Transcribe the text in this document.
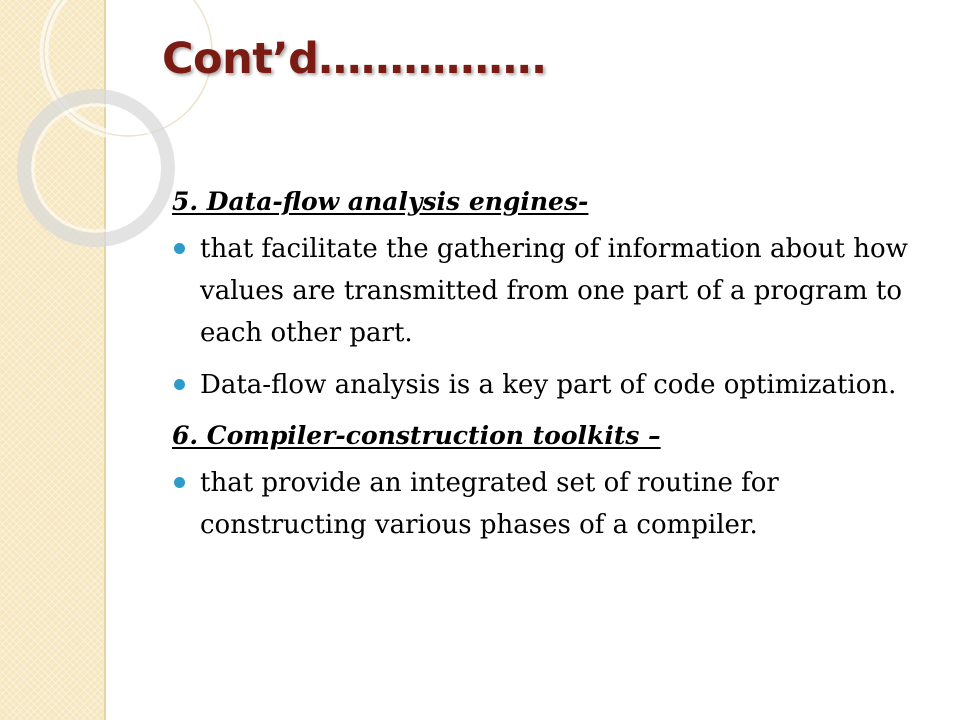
Cont’d…………….
5. Data-flow analysis engines-
that facilitate the gathering of information about how values are transmitted from one part of a program to each other part.
Data-flow analysis is a key part of code optimization.
6. Compiler-construction toolkits –
that provide an integrated set of routine for constructing various phases of a compiler.
